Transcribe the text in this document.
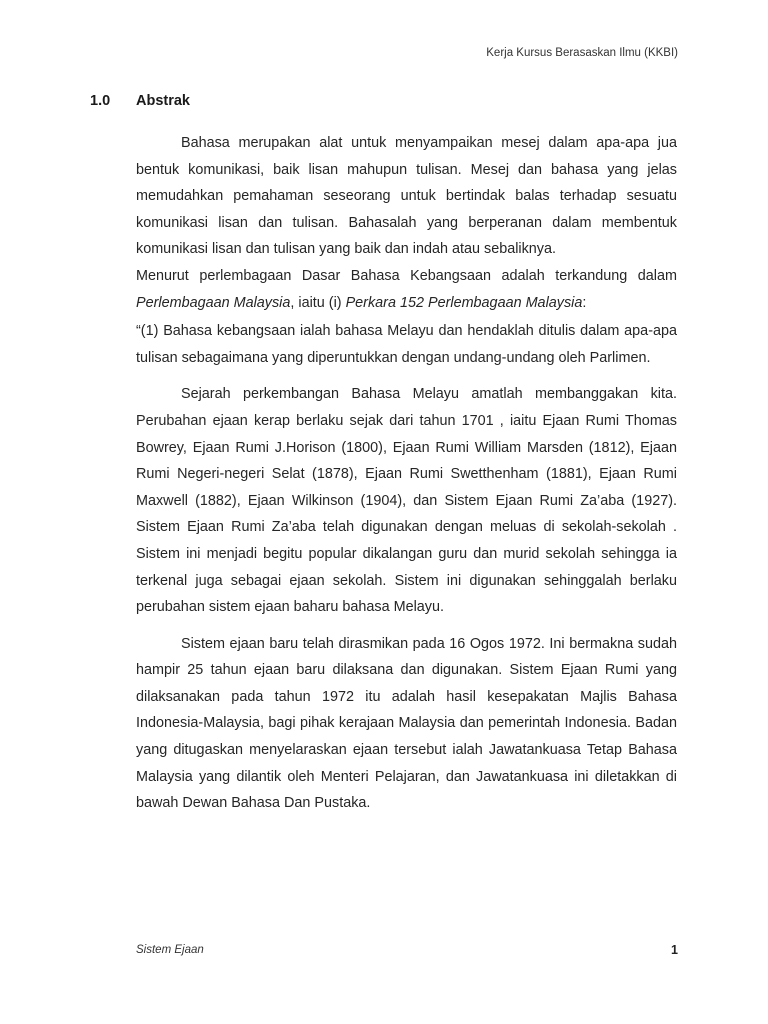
Kerja Kursus Berasaskan Ilmu (KKBI)
1.0 Abstrak

Bahasa merupakan alat untuk menyampaikan mesej dalam apa-apa jua bentuk komunikasi, baik lisan mahupun tulisan. Mesej dan bahasa yang jelas memudahkan pemahaman seseorang untuk bertindak balas terhadap sesuatu komunikasi lisan dan tulisan. Bahasalah yang berperanan dalam membentuk komunikasi lisan dan tulisan yang baik dan indah atau sebaliknya.

Menurut perlembagaan Dasar Bahasa Kebangsaan adalah terkandung dalam Perlembagaan Malaysia, iaitu (i) Perkara 152 Perlembagaan Malaysia:

“(1) Bahasa kebangsaan ialah bahasa Melayu dan hendaklah ditulis dalam apa-apa tulisan sebagaimana yang diperuntukkan dengan undang-undang oleh Parlimen.

Sejarah perkembangan Bahasa Melayu amatlah membanggakan kita. Perubahan ejaan kerap berlaku sejak dari tahun 1701 , iaitu Ejaan Rumi Thomas Bowrey, Ejaan Rumi J.Horison (1800), Ejaan Rumi William Marsden (1812), Ejaan Rumi Negeri-negeri Selat (1878), Ejaan Rumi Swetthenham (1881), Ejaan Rumi Maxwell (1882), Ejaan Wilkinson (1904), dan Sistem Ejaan Rumi Za’aba (1927). Sistem Ejaan Rumi Za’aba telah digunakan dengan meluas di sekolah-sekolah . Sistem ini menjadi begitu popular dikalangan guru dan murid sekolah sehingga ia terkenal juga sebagai ejaan sekolah. Sistem ini digunakan sehinggalah berlaku perubahan sistem ejaan baharu bahasa Melayu.

Sistem ejaan baru telah dirasmikan pada 16 Ogos 1972. Ini bermakna sudah hampir 25 tahun ejaan baru dilaksana dan digunakan. Sistem Ejaan Rumi yang dilaksanakan pada tahun 1972 itu adalah hasil kesepakatan Majlis Bahasa Indonesia-Malaysia, bagi pihak kerajaan Malaysia dan pemerintah Indonesia. Badan yang ditugaskan menyelaraskan ejaan tersebut ialah Jawatankuasa Tetap Bahasa Malaysia yang dilantik oleh Menteri Pelajaran, dan Jawatankuasa ini diletakkan di bawah Dewan Bahasa Dan Pustaka.

Sistem Ejaan	1
